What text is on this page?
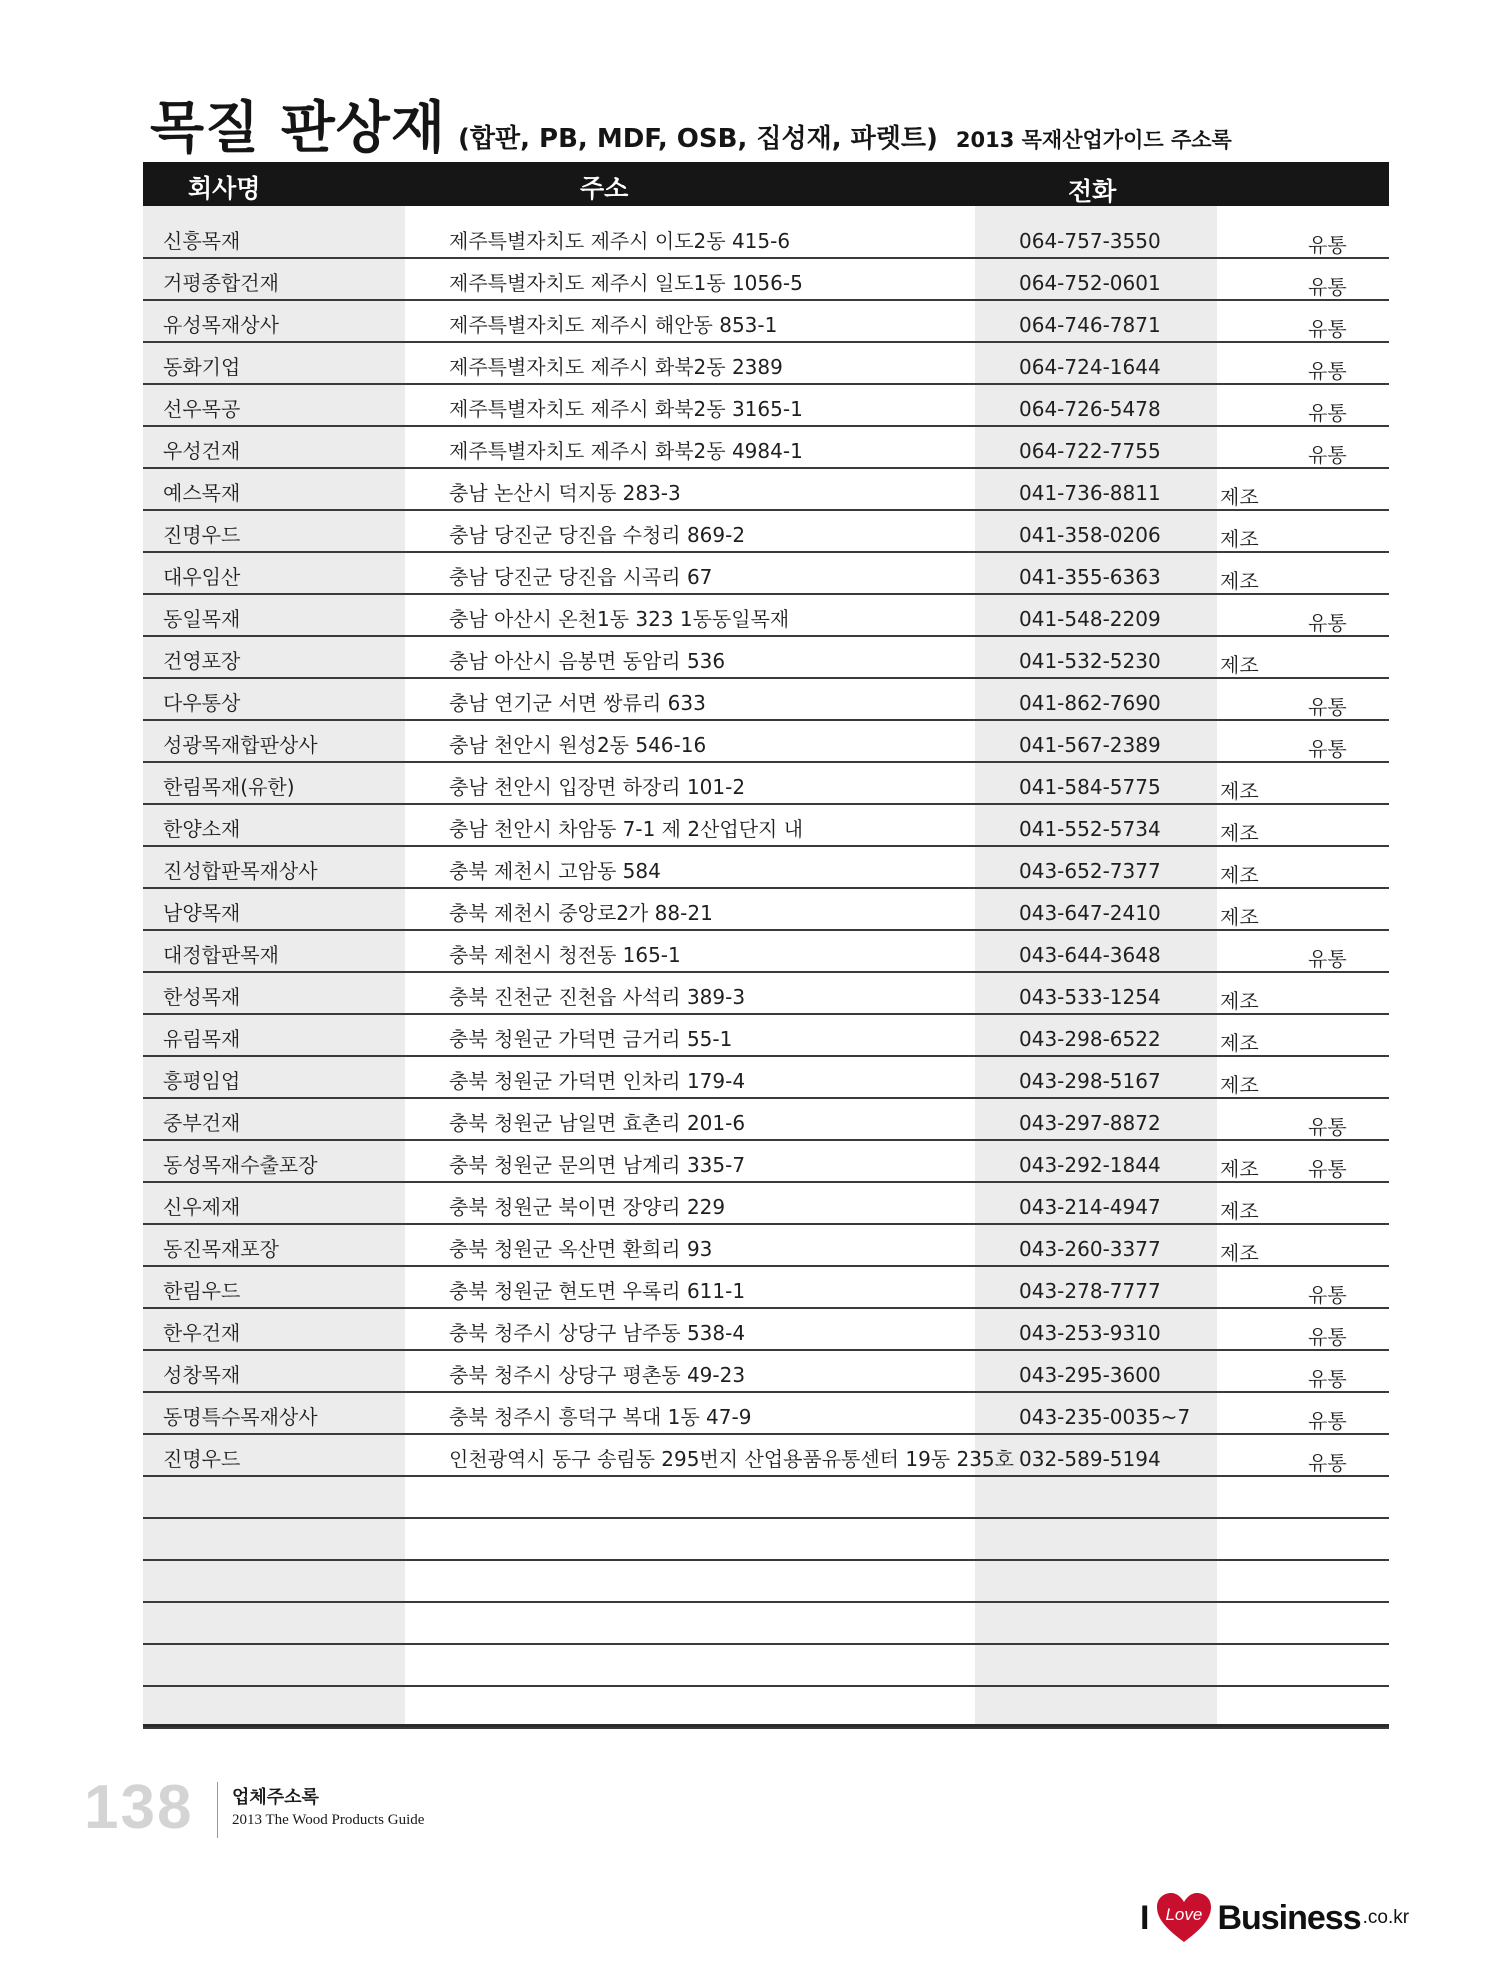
목질 판상재 (합판, PB, MDF, OSB, 집성재, 파렛트) 2013 목재산업가이드 주소록
회사명	주소	전화
신흥목재	제주특별자치도 제주시 이도2동 415-6	064-757-3550	유통
거평종합건재	제주특별자치도 제주시 일도1동 1056-5	064-752-0601	유통
유성목재상사	제주특별자치도 제주시 해안동 853-1	064-746-7871	유통
동화기업	제주특별자치도 제주시 화북2동 2389	064-724-1644	유통
선우목공	제주특별자치도 제주시 화북2동 3165-1	064-726-5478	유통
우성건재	제주특별자치도 제주시 화북2동 4984-1	064-722-7755	유통
예스목재	충남 논산시 덕지동 283-3	041-736-8811	제조
진명우드	충남 당진군 당진읍 수청리 869-2	041-358-0206	제조
대우임산	충남 당진군 당진읍 시곡리 67	041-355-6363	제조
동일목재	충남 아산시 온천1동 323 1동동일목재	041-548-2209	유통
건영포장	충남 아산시 음봉면 동암리 536	041-532-5230	제조
다우통상	충남 연기군 서면 쌍류리 633	041-862-7690	유통
성광목재합판상사	충남 천안시 원성2동 546-16	041-567-2389	유통
한림목재(유한)	충남 천안시 입장면 하장리 101-2	041-584-5775	제조
한양소재	충남 천안시 차암동 7-1 제 2산업단지 내	041-552-5734	제조
진성합판목재상사	충북 제천시 고암동 584	043-652-7377	제조
남양목재	충북 제천시 중앙로2가 88-21	043-647-2410	제조
대정합판목재	충북 제천시 청전동 165-1	043-644-3648	유통
한성목재	충북 진천군 진천읍 사석리 389-3	043-533-1254	제조
유림목재	충북 청원군 가덕면 금거리 55-1	043-298-6522	제조
흥평임업	충북 청원군 가덕면 인차리 179-4	043-298-5167	제조
중부건재	충북 청원군 남일면 효촌리 201-6	043-297-8872	유통
동성목재수출포장	충북 청원군 문의면 남계리 335-7	043-292-1844	제조 유통
신우제재	충북 청원군 북이면 장양리 229	043-214-4947	제조
동진목재포장	충북 청원군 옥산면 환희리 93	043-260-3377	제조
한림우드	충북 청원군 현도면 우록리 611-1	043-278-7777	유통
한우건재	충북 청주시 상당구 남주동 538-4	043-253-9310	유통
성창목재	충북 청주시 상당구 평촌동 49-23	043-295-3600	유통
동명특수목재상사	충북 청주시 흥덕구 복대 1동 47-9	043-235-0035~7	유통
진명우드	인천광역시 동구 송림동 295번지 산업용품유통센터 19동 235호 032-589-5194	유통
138 업체주소록
2013 The Wood Products Guide
I Love Business .co.kr
